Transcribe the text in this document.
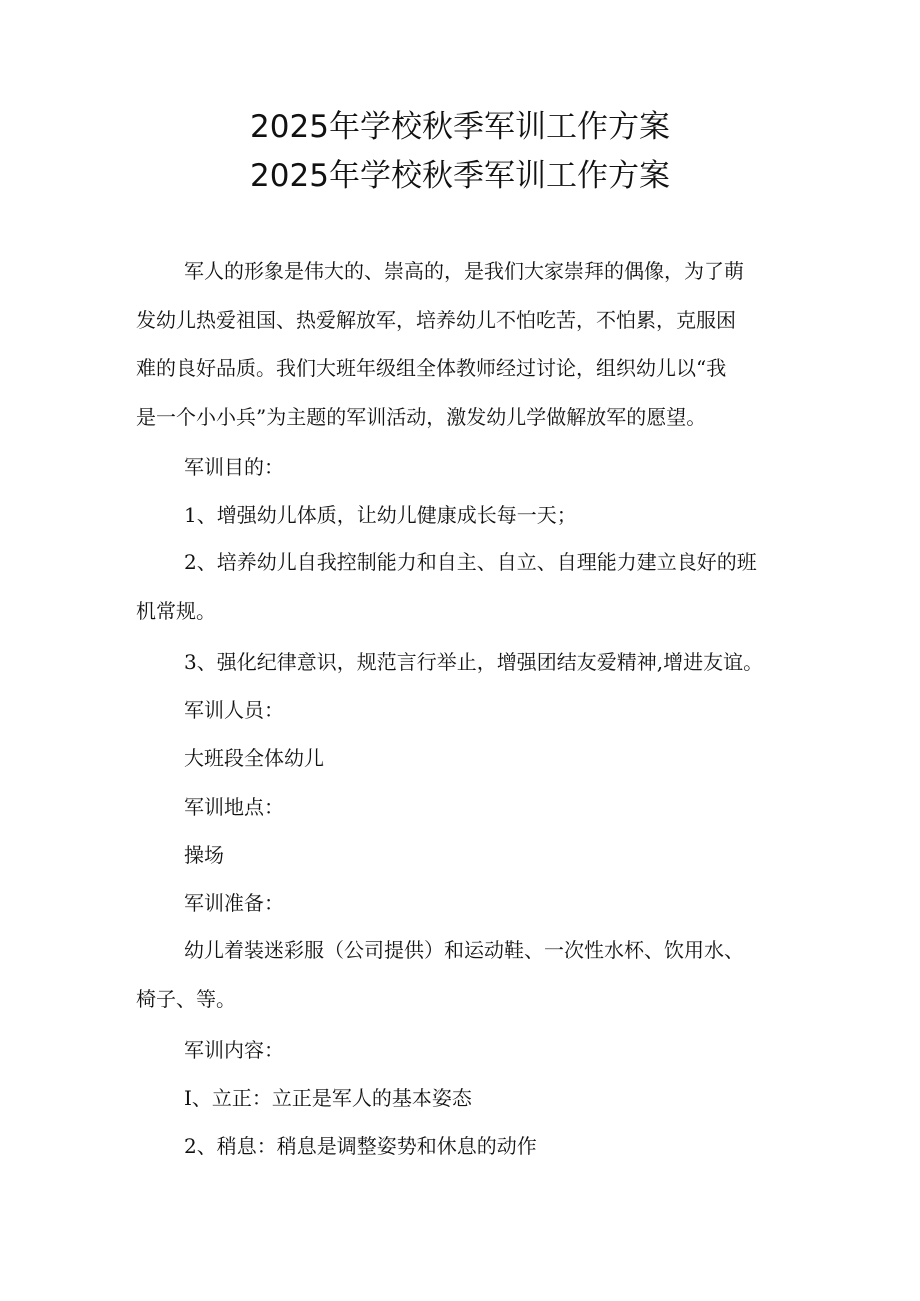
2025年学校秋季军训工作方案
2025年学校秋季军训工作方案
军人的形象是伟大的、崇高的，是我们大家崇拜的偶像，为了萌
发幼儿热爱祖国、热爱解放军，培养幼儿不怕吃苦，不怕累，克服困
难的良好品质。我们大班年级组全体教师经过讨论，组织幼儿以“我
是一个小小兵”为主题的军训活动，激发幼儿学做解放军的愿望。
军训目的：
1、增强幼儿体质，让幼儿健康成长每一天；
2、培养幼儿自我控制能力和自主、自立、自理能力建立良好的班
机常规。
3、强化纪律意识，规范言行举止，增强团结友爱精神,增进友谊。
军训人员：
大班段全体幼儿
军训地点：
操场
军训准备：
幼儿着装迷彩服（公司提供）和运动鞋、一次性水杯、饮用水、
椅子、等。
军训内容：
I、立正：立正是军人的基本姿态
2、稍息：稍息是调整姿势和休息的动作
